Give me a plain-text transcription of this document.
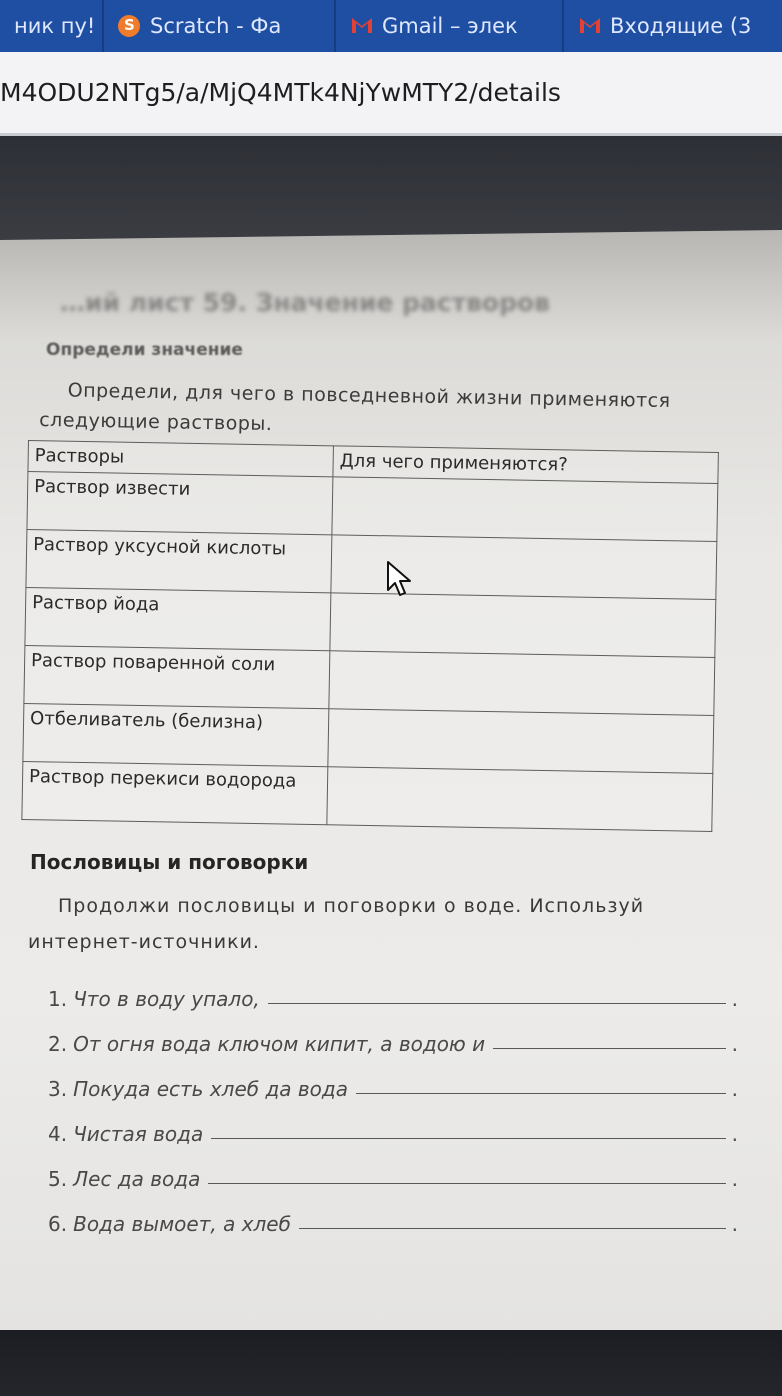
ник пу! S	Scratch - Фа	Gmail – элек	Входящие (3
M4ODU2NTg5/a/MjQ4MTk4NjYwMTY2/details
…ий лист 59. Значение растворов
Определи значение
Определи, для чего в повседневной жизни применяются следующие растворы.
Растворы	Для чего применяются?
Раствор извести	
Раствор уксусной кислоты	
Раствор йода	
Раствор поваренной соли	
Отбеливатель (белизна)	
Раствор перекиси водорода	
Пословицы и поговорки
Продолжи пословицы и поговорки о воде. Используй интернет-источники.
1. Что в воду упало,	.
2. От огня вода ключом кипит, а водою и	.
3. Покуда есть хлеб да вода	.
4. Чистая вода	.
5. Лес да вода	.
6. Вода вымоет, а хлеб	.
